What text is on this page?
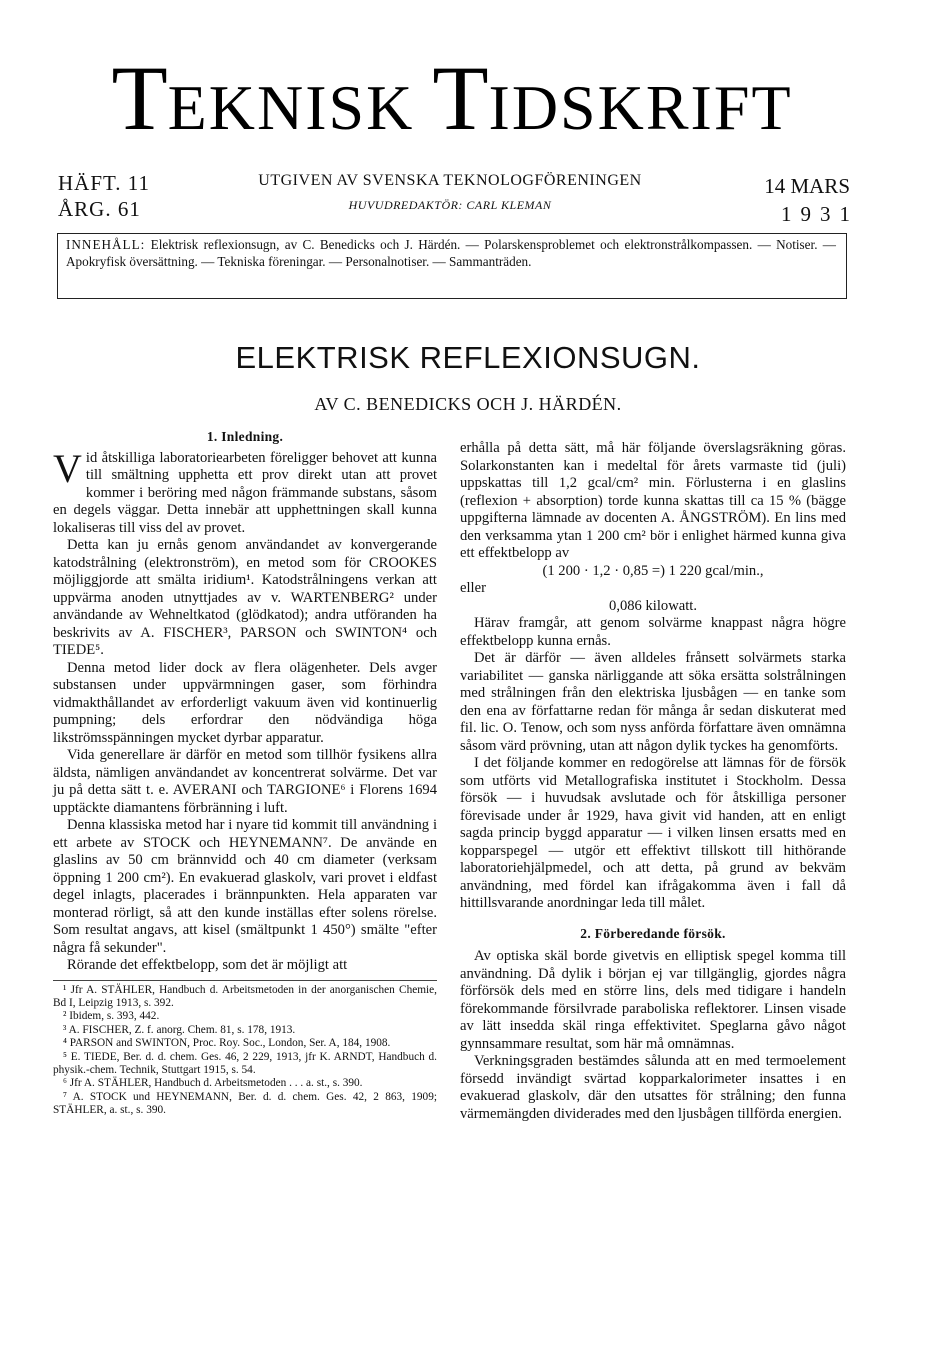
TEKNISK TIDSKRIFT
HÄFT. 11
ÅRG. 61
UTGIVEN AV SVENSKA TEKNOLOGFÖRENINGEN
HUVUDREDAKTÖR: CARL KLEMAN
14 MARS
1931
INNEHÅLL: Elektrisk reflexionsugn, av C. Benedicks och J. Härdén. — Polarskensproblemet och elektronstrålkompassen. — Notiser. — Apokryfisk översättning. — Tekniska föreningar. — Personalnotiser. — Sammanträden.
ELEKTRISK REFLEXIONSUGN.
AV C. BENEDICKS OCH J. HÄRDÉN.
1. Inledning.

Vid åtskilliga laboratoriearbeten föreligger behovet att kunna till smältning upphetta ett prov direkt utan att provet kommer i beröring med någon främmande substans, såsom en degels väggar. Detta innebär att upphettningen skall kunna lokaliseras till viss del av provet.

Detta kan ju ernås genom användandet av konvergerande katodstrålning (elektronström), en metod som för CROOKES möjliggjorde att smälta iridium¹. Katodstrålningens verkan att uppvärma anoden utnyttjades av v. WARTENBERG² under användande av Wehneltkatod (glödkatod); andra utföranden ha beskrivits av A. FISCHER³, PARSON och SWINTON⁴ och TIEDE⁵.

Denna metod lider dock av flera olägenheter. Dels avger substansen under uppvärmningen gaser, som förhindra vidmakthållandet av erforderligt vakuum även vid kontinuerlig pumpning; dels erfordrar den nödvändiga höga likströmsspänningen mycket dyrbar apparatur.

Vida generellare är därför en metod som tillhör fysikens allra äldsta, nämligen användandet av koncentrerat solvärme. Det var ju på detta sätt t. e. AVERANI och TARGIONE⁶ i Florens 1694 upptäckte diamantens förbränning i luft.

Denna klassiska metod har i nyare tid kommit till användning i ett arbete av STOCK och HEYNEMANN⁷. De använde en glaslins av 50 cm brännvidd och 40 cm diameter (verksam öppning 1 200 cm²). En evakuerad glaskolv, vari provet i eldfast degel inlagts, placerades i brännpunkten. Hela apparaten var monterad rörligt, så att den kunde inställas efter solens rörelse. Som resultat angavs, att kisel (smältpunkt 1 450°) smälte "efter några få sekunder".

Rörande det effektbelopp, som det är möjligt att

¹ Jfr A. STÄHLER, Handbuch d. Arbeitsmetoden in der anorganischen Chemie, Bd I, Leipzig 1913, s. 392.

² Ibidem, s. 393, 442.

³ A. FISCHER, Z. f. anorg. Chem. 81, s. 178, 1913.

⁴ PARSON and SWINTON, Proc. Roy. Soc., London, Ser. A, 184, 1908.

⁵ E. TIEDE, Ber. d. d. chem. Ges. 46, 2 229, 1913, jfr K. ARNDT, Handbuch d. physik.-chem. Technik, Stuttgart 1915, s. 54.

⁶ Jfr A. STÄHLER, Handbuch d. Arbeitsmetoden . . . a. st., s. 390.

⁷ A. STOCK und HEYNEMANN, Ber. d. d. chem. Ges. 42, 2 863, 1909; STÄHLER, a. st., s. 390.

erhålla på detta sätt, må här följande överslagsräkning göras. Solarkonstanten kan i medeltal för årets varmaste tid (juli) uppskattas till 1,2 gcal/cm² min. Förlusterna i en glaslins (reflexion + absorption) torde kunna skattas till ca 15 % (bägge uppgifterna lämnade av docenten A. ÅNGSTRÖM). En lins med den verksamma ytan 1 200 cm² bör i enlighet härmed kunna giva ett effektbelopp av

(1 200 · 1,2 · 0,85 =) 1 220 gcal/min.,

eller

0,086 kilowatt.

Härav framgår, att genom solvärme knappast några högre effektbelopp kunna ernås.

Det är därför — även alldeles frånsett solvärmets starka variabilitet — ganska närliggande att söka ersätta solstrålningen med strålningen från den elektriska ljusbågen — en tanke som den ena av författarne redan för många år sedan diskuterat med fil. lic. O. Tenow, och som nyss anförda författare även omnämna såsom värd prövning, utan att någon dylik tyckes ha genomförts.

I det följande kommer en redogörelse att lämnas för de försök som utförts vid Metallografiska institutet i Stockholm. Dessa försök — i huvudsak avslutade och för åtskilliga personer förevisade under år 1929, hava givit vid handen, att en enligt sagda princip byggd apparatur — i vilken linsen ersatts med en kopparspegel — utgör ett effektivt tillskott till hithörande laboratoriehjälpmedel, och att detta, på grund av bekväm användning, med fördel kan ifrågakomma även i fall då hittillsvarande anordningar leda till målet.

2. Förberedande försök.

Av optiska skäl borde givetvis en elliptisk spegel komma till användning. Då dylik i början ej var tillgänglig, gjordes några förförsök dels med en större lins, dels med tidigare i handeln förekommande försilvrade paraboliska reflektorer. Linsen visade av lätt insedda skäl ringa effektivitet. Speglarna gåvo något gynnsammare resultat, som här må omnämnas.

Verkningsgraden bestämdes sålunda att en med termoelement försedd invändigt svärtad kopparkalorimeter insattes i en evakuerad glaskolv, där den utsattes för strålning; den funna värmemängden dividerades med den ljusbågen tillförda energien.
